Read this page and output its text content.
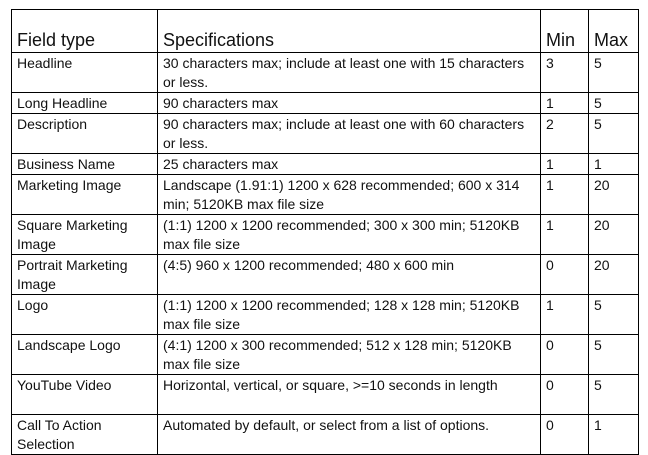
Field type	Specifications	Min	Max
Headline	30 characters max; include at least one with 15 characters or less.	3	5
Long Headline	90 characters max	1	5
Description	90 characters max; include at least one with 60 characters or less.	2	5
Business Name	25 characters max	1	1
Marketing Image	Landscape (1.91:1) 1200 x 628 recommended; 600 x 314 min; 5120KB max file size	1	20
Square Marketing Image	(1:1) 1200 x 1200 recommended; 300 x 300 min; 5120KB max file size	1	20
Portrait Marketing Image	(4:5) 960 x 1200 recommended; 480 x 600 min	0	20
Logo	(1:1) 1200 x 1200 recommended; 128 x 128 min; 5120KB max file size	1	5
Landscape Logo	(4:1) 1200 x 300 recommended; 512 x 128 min; 5120KB max file size	0	5
YouTube Video	Horizontal, vertical, or square, >=10 seconds in length	0	5
Call To Action Selection	Automated by default, or select from a list of options.	0	1
